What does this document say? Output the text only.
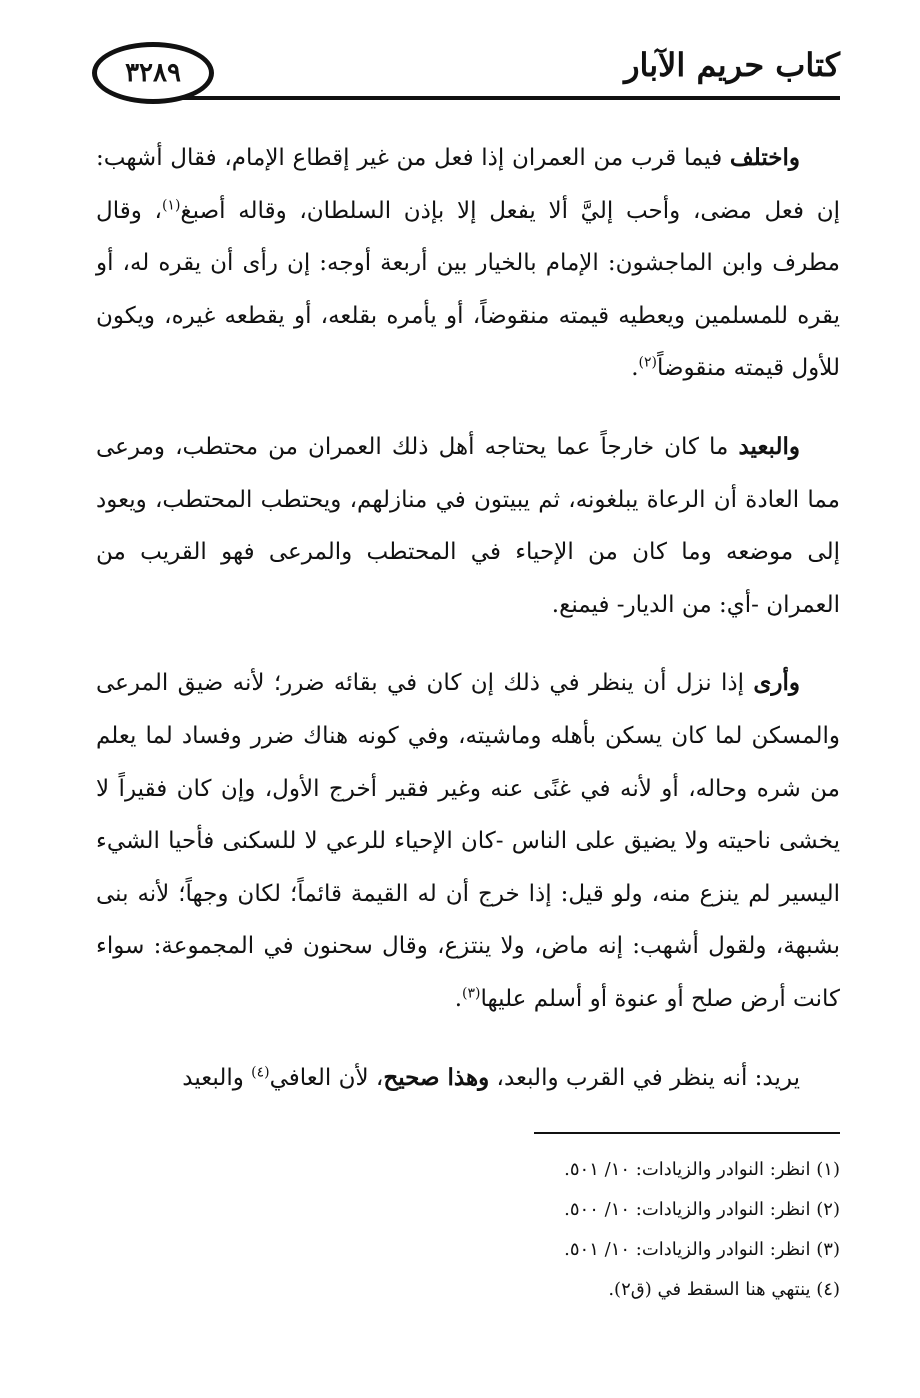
٣٢٨٩	كتاب حريم الآبار

واختلف فيما قرب من العمران إذا فعل من غير إقطاع الإمام، فقال أشهب: إن فعل مضى، وأحب إليَّ ألا يفعل إلا بإذن السلطان، وقاله أصبغ$^{(١)}$، وقال مطرف وابن الماجشون: الإمام بالخيار بين أربعة أوجه: إن رأى أن يقره له، أو يقره للمسلمين ويعطيه قيمته منقوضاً، أو يأمره بقلعه، أو يقطعه غيره، ويكون للأول قيمته منقوضاً$^{(٢)}$.

والبعيد ما كان خارجاً عما يحتاجه أهل ذلك العمران من محتطب، ومرعى مما العادة أن الرعاة يبلغونه، ثم يبيتون في منازلهم، ويحتطب المحتطب، ويعود إلى موضعه وما كان من الإحياء في المحتطب والمرعى فهو القريب من العمران -أي: من الديار- فيمنع.

وأرى إذا نزل أن ينظر في ذلك إن كان في بقائه ضرر؛ لأنه ضيق المرعى والمسكن لما كان يسكن بأهله وماشيته، وفي كونه هناك ضرر وفساد لما يعلم من شره وحاله، أو لأنه في غنًى عنه وغير فقير أخرج الأول، وإن كان فقيراً لا يخشى ناحيته ولا يضيق على الناس -كان الإحياء للرعي لا للسكنى فأحيا الشيء اليسير لم ينزع منه، ولو قيل: إذا خرج أن له القيمة قائماً؛ لكان وجهاً؛ لأنه بنى بشبهة، ولقول أشهب: إنه ماض، ولا ينتزع، وقال سحنون في المجموعة: سواء كانت أرض صلح أو عنوة أو أسلم عليها$^{(٣)}$.

يريد: أنه ينظر في القرب والبعد، وهذا صحيح، لأن العافي$^{(٤)}$ والبعيد

(١) انظر: النوادر والزيادات: ١٠/ ٥٠١.

(٢) انظر: النوادر والزيادات: ١٠/ ٥٠٠.

(٣) انظر: النوادر والزيادات: ١٠/ ٥٠١.

(٤) ينتهي هنا السقط في (ق٢).
